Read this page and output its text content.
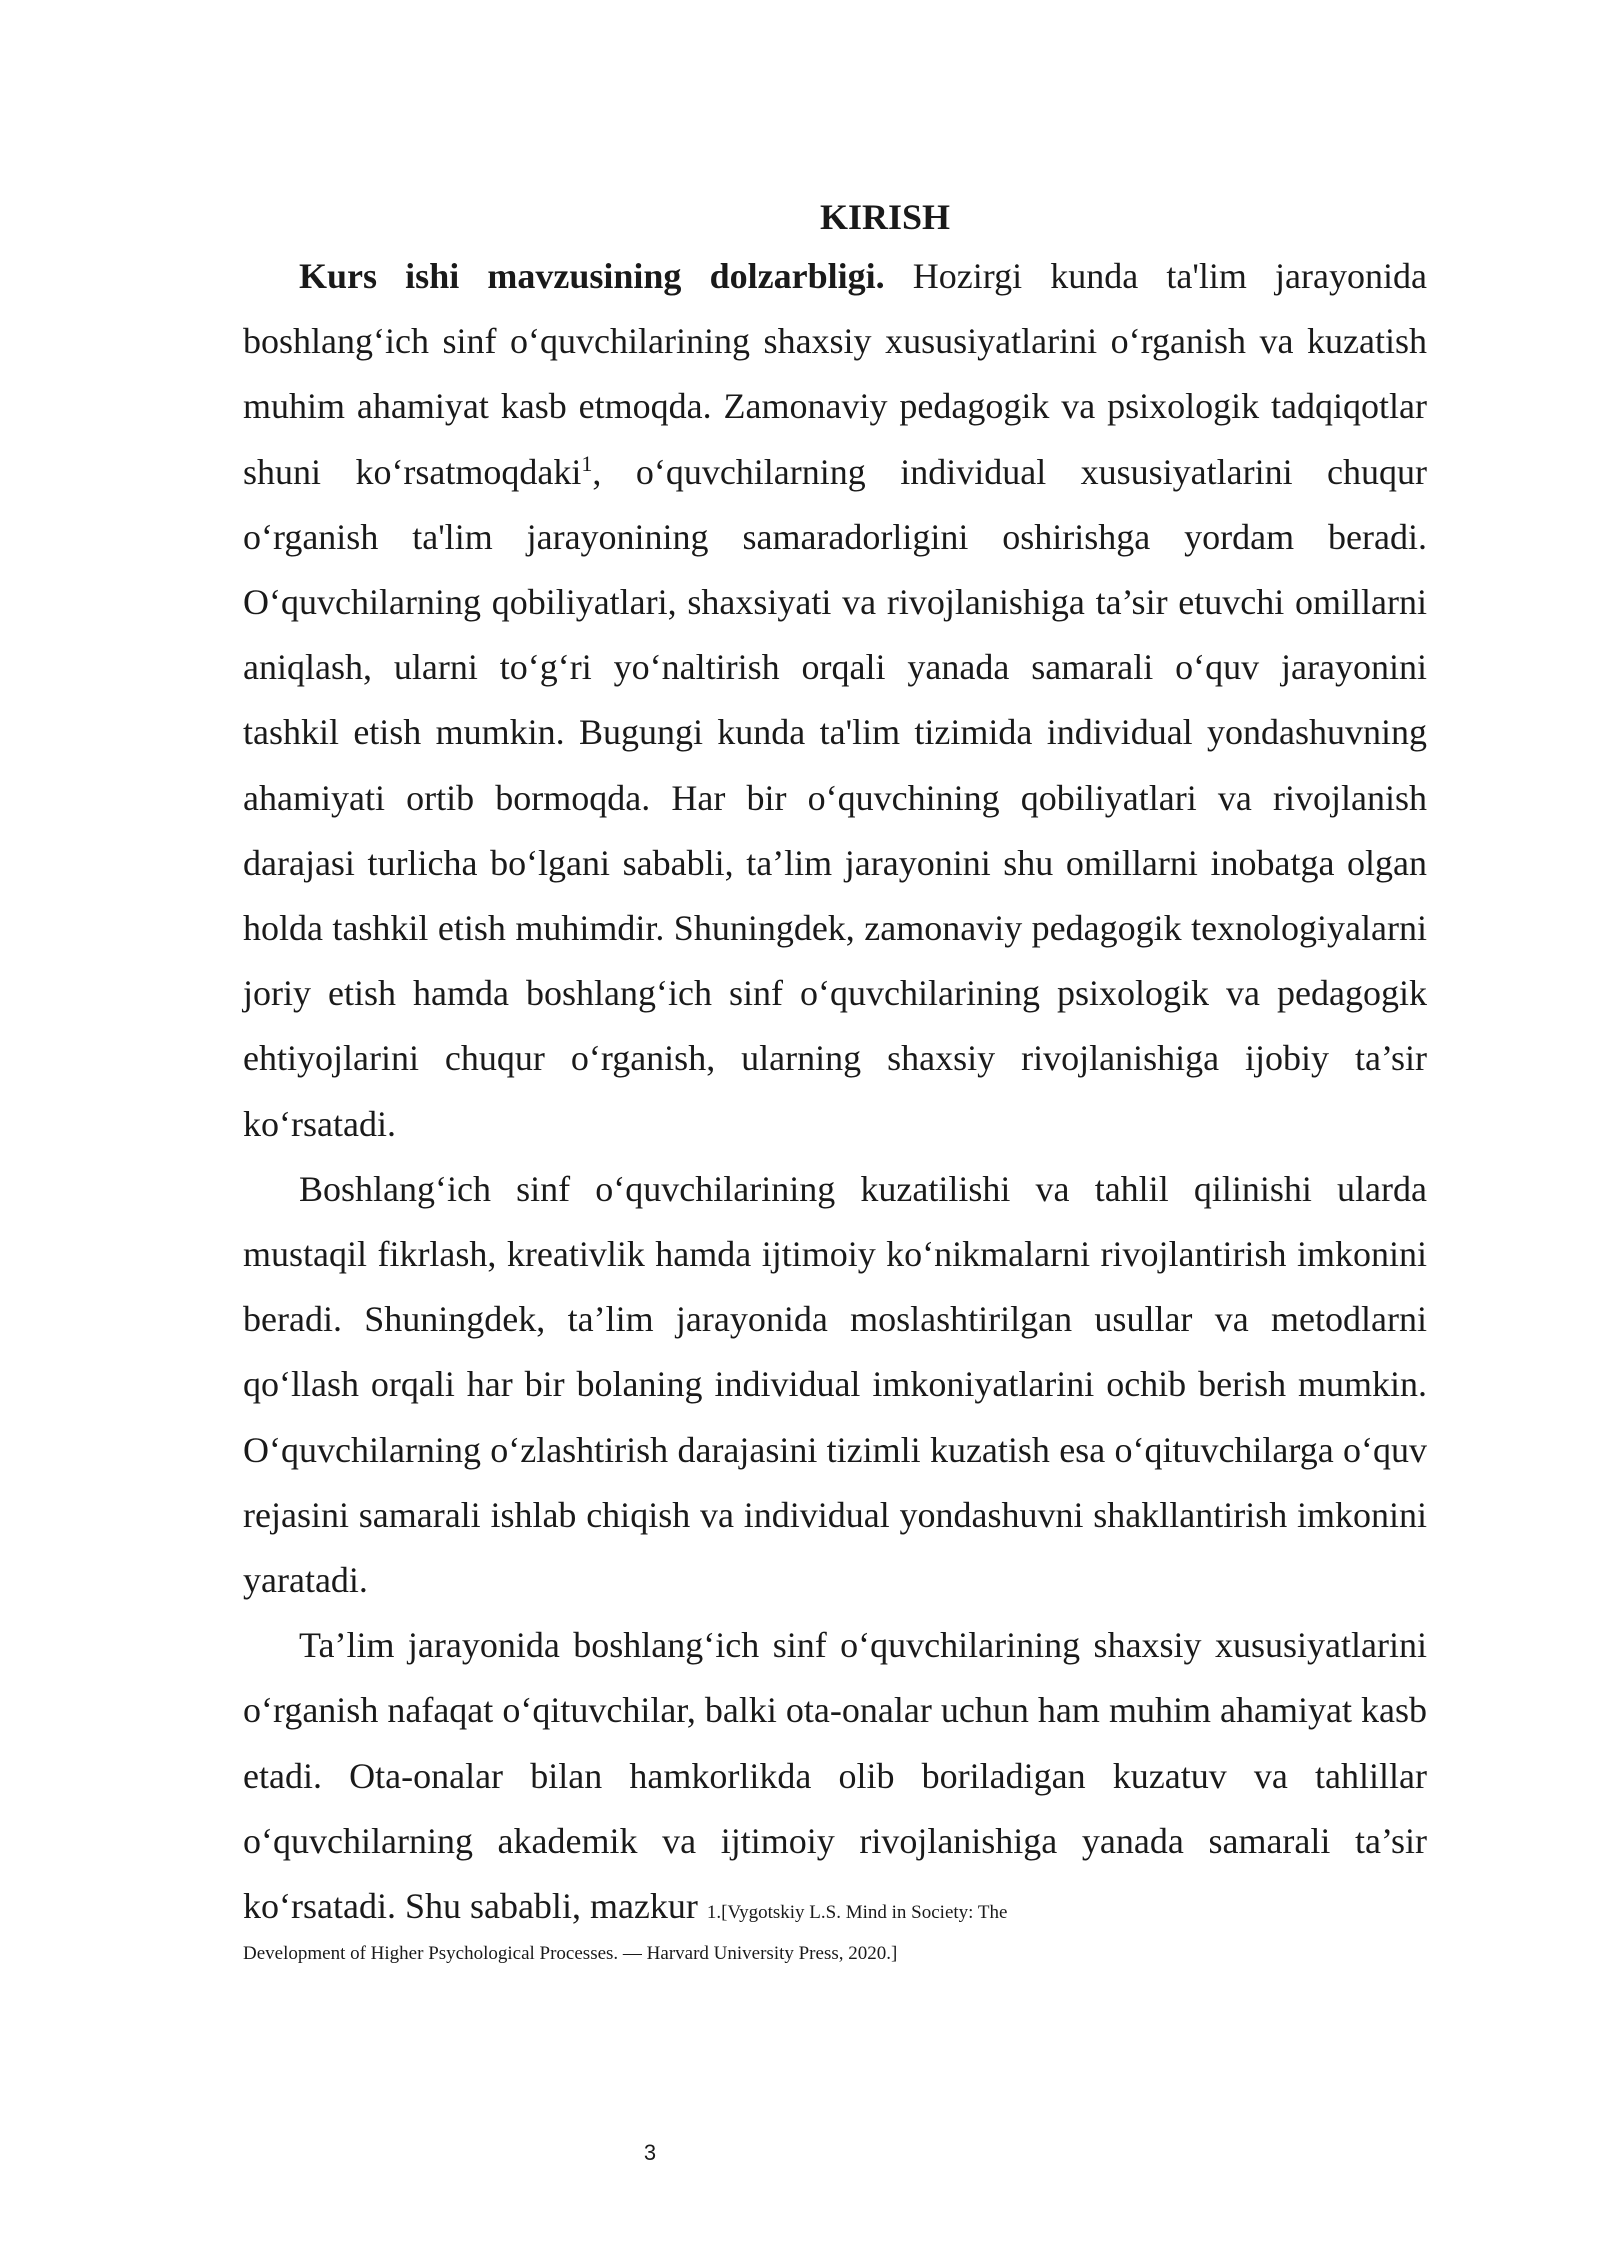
KIRISH

Kurs ishi mavzusining dolzarbligi. Hozirgi kunda ta'lim jarayonida boshlang‘ich sinf o‘quvchilarining shaxsiy xususiyatlarini o‘rganish va kuzatish muhim ahamiyat kasb etmoqda. Zamonaviy pedagogik va psixologik tadqiqotlar shuni ko‘rsatmoqdaki$^1$, o‘quvchilarning individual xususiyatlarini chuqur o‘rganish ta'lim jarayonining samaradorligini oshirishga yordam beradi. O‘quvchilarning qobiliyatlari, shaxsiyati va rivojlanishiga ta’sir etuvchi omillarni aniqlash, ularni to‘g‘ri yo‘naltirish orqali yanada samarali o‘quv jarayonini tashkil etish mumkin. Bugungi kunda ta'lim tizimida individual yondashuvning ahamiyati ortib bormoqda. Har bir o‘quvchining qobiliyatlari va rivojlanish darajasi turlicha bo‘lgani sababli, ta’lim jarayonini shu omillarni inobatga olgan holda tashkil etish muhimdir. Shuningdek, zamonaviy pedagogik texnologiyalarni joriy etish hamda boshlang‘ich sinf o‘quvchilarining psixologik va pedagogik ehtiyojlarini chuqur o‘rganish, ularning shaxsiy rivojlanishiga ijobiy ta’sir ko‘rsatadi.

Boshlang‘ich sinf o‘quvchilarining kuzatilishi va tahlil qilinishi ularda mustaqil fikrlash, kreativlik hamda ijtimoiy ko‘nikmalarni rivojlantirish imkonini beradi. Shuningdek, ta’lim jarayonida moslashtirilgan usullar va metodlarni qo‘llash orqali har bir bolaning individual imkoniyatlarini ochib berish mumkin. O‘quvchilarning o‘zlashtirish darajasini tizimli kuzatish esa o‘qituvchilarga o‘quv rejasini samarali ishlab chiqish va individual yondashuvni shakllantirish imkonini yaratadi.

Ta’lim jarayonida boshlang‘ich sinf o‘quvchilarining shaxsiy xususiyatlarini o‘rganish nafaqat o‘qituvchilar, balki ota-onalar uchun ham muhim ahamiyat kasb etadi. Ota-onalar bilan hamkorlikda olib boriladigan kuzatuv va tahlillar o‘quvchilarning akademik va ijtimoiy rivojlanishiga yanada samarali ta’sir ko‘rsatadi. Shu sababli, mazkur 1.[Vygotskiy L.S. Mind in Society: The

Development of Higher Psychological Processes. — Harvard University Press, 2020.]

3
